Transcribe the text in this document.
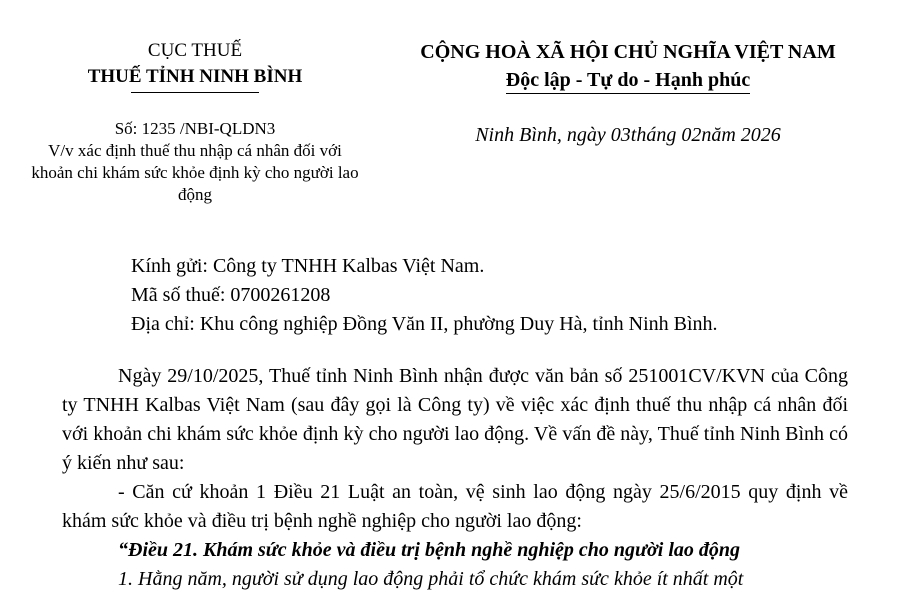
CỤC THUẾ
THUẾ TỈNH NINH BÌNH
Số: 1235 /NBI-QLDN3
V/v xác định thuế thu nhập cá nhân đối với khoản chi khám sức khỏe định kỳ cho người lao động
CỘNG HOÀ XÃ HỘI CHỦ NGHĨA VIỆT NAM
Độc lập - Tự do - Hạnh phúc
Ninh Bình, ngày 03tháng 02năm 2026
Kính gửi: Công ty TNHH Kalbas Việt Nam.
Mã số thuế: 0700261208
Địa chỉ: Khu công nghiệp Đồng Văn II, phường Duy Hà, tỉnh Ninh Bình.

Ngày 29/10/2025, Thuế tỉnh Ninh Bình nhận được văn bản số 251001CV/KVN của Công ty TNHH Kalbas Việt Nam (sau đây gọi là Công ty) về việc xác định thuế thu nhập cá nhân đối với khoản chi khám sức khỏe định kỳ cho người lao động. Về vấn đề này, Thuế tỉnh Ninh Bình có ý kiến như sau:

- Căn cứ khoản 1 Điều 21 Luật an toàn, vệ sinh lao động ngày 25/6/2015 quy định về khám sức khỏe và điều trị bệnh nghề nghiệp cho người lao động:

“Điều 21. Khám sức khỏe và điều trị bệnh nghề nghiệp cho người lao động

1. Hằng năm, người sử dụng lao động phải tổ chức khám sức khỏe ít nhất một
